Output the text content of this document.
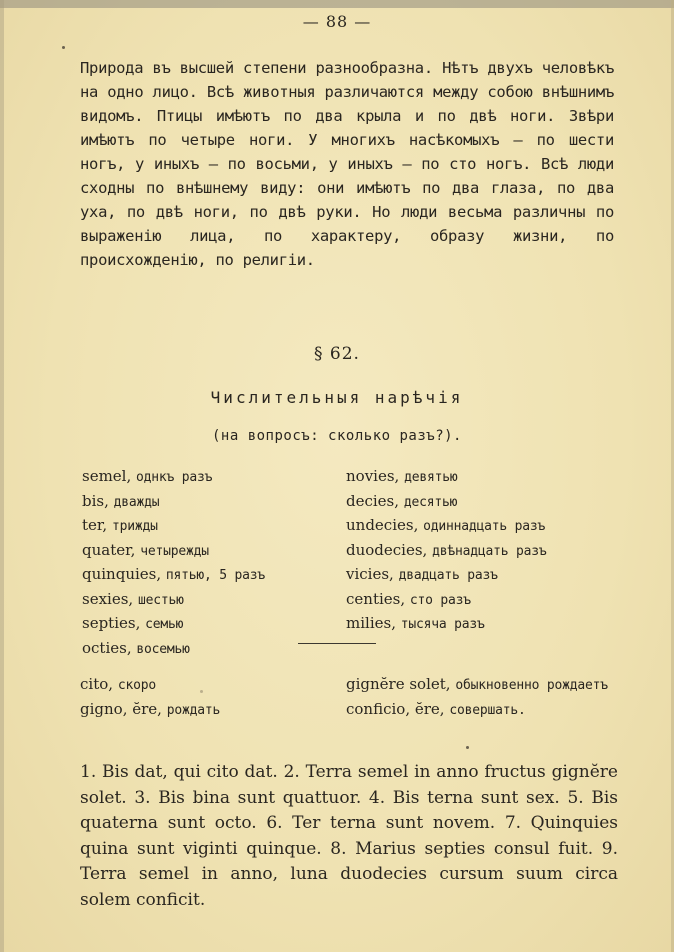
— 88 —
Природа въ высшей степени разнообразна. Нѣтъ двухъ человѣкъ на одно лицо. Всѣ животныя различаются между собою внѣшнимъ видомъ. Птицы имѣютъ по два крыла и по двѣ ноги. Звѣри имѣютъ по четыре ноги. У многихъ насѣкомыхъ — по шести ногъ, у иныхъ — по восьми, у иныхъ — по сто ногъ. Всѣ люди сходны по внѣшнему виду: они имѣютъ по два глаза, по два уха, по двѣ ноги, по двѣ руки. Но люди весьма различны по выраженію лица, по характеру, образу жизни, по происхожденію, по религіи.
§ 62.
Числительныя нарѣчія
(на вопросъ: сколько разъ?).
semel, однкъ разъ
bis, дважды
ter, трижды
quater, четырежды
quinquies, пятью, 5 разъ
sexies, шестью
septies, семью
octies, восемью
novies, девятью
decies, десятью
undecies, одиннадцать разъ
duodecies, двѣнадцать разъ
vicies, двадцать разъ
centies, сто разъ
milies, тысяча разъ
cito, скоро
gigno, ĕre, рождать
gignĕre solet, обыкновенно рождаетъ
conficio, ĕre, совершать.
1. Bis dat, qui cito dat. 2. Terra semel in anno fructus gignĕre solet. 3. Bis bina sunt quattuor. 4. Bis terna sunt sex. 5. Bis quaterna sunt octo. 6. Ter terna sunt novem. 7. Quinquies quina sunt viginti quinque. 8. Marius septies consul fuit. 9. Terra semel in anno, luna duodecies cursum suum circa solem conficit.
